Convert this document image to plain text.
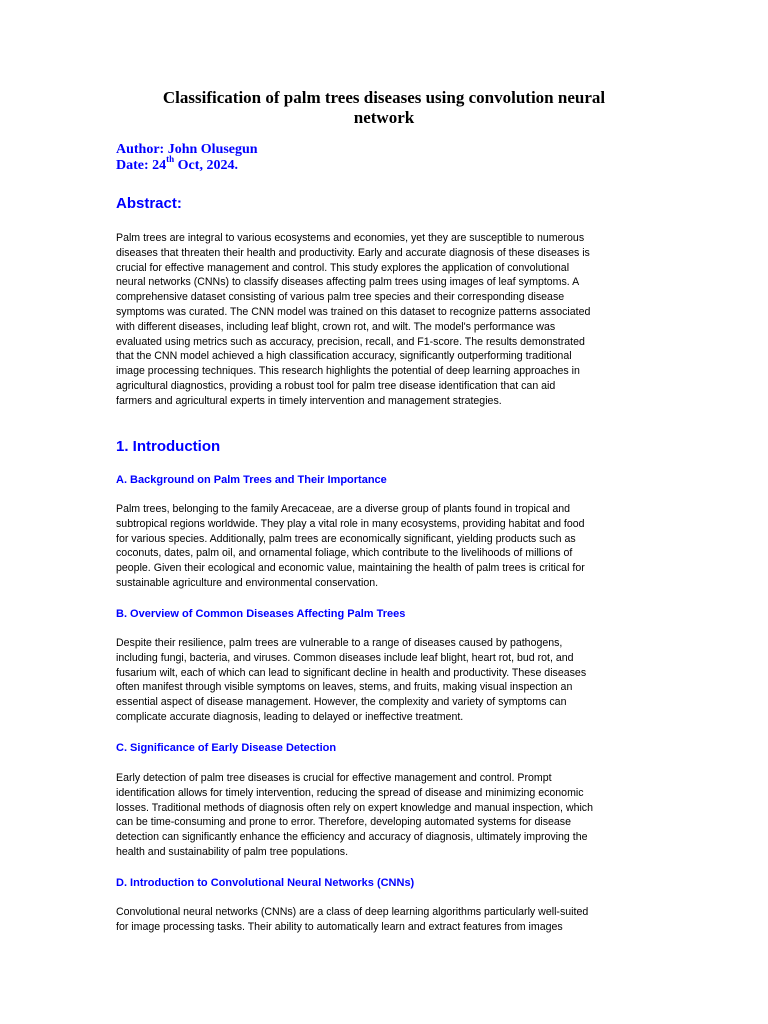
Classification of palm trees diseases using convolution neural
network

Author: John Olusegun

Date: 24th Oct, 2024.

Abstract:
Palm trees are integral to various ecosystems and economies, yet they are susceptible to numerous
diseases that threaten their health and productivity. Early and accurate diagnosis of these diseases is
crucial for effective management and control. This study explores the application of convolutional
neural networks (CNNs) to classify diseases affecting palm trees using images of leaf symptoms. A
comprehensive dataset consisting of various palm tree species and their corresponding disease
symptoms was curated. The CNN model was trained on this dataset to recognize patterns associated
with different diseases, including leaf blight, crown rot, and wilt. The model's performance was
evaluated using metrics such as accuracy, precision, recall, and F1-score. The results demonstrated
that the CNN model achieved a high classification accuracy, significantly outperforming traditional
image processing techniques. This research highlights the potential of deep learning approaches in
agricultural diagnostics, providing a robust tool for palm tree disease identification that can aid
farmers and agricultural experts in timely intervention and management strategies.
1. Introduction
A. Background on Palm Trees and Their Importance
Palm trees, belonging to the family Arecaceae, are a diverse group of plants found in tropical and
subtropical regions worldwide. They play a vital role in many ecosystems, providing habitat and food
for various species. Additionally, palm trees are economically significant, yielding products such as
coconuts, dates, palm oil, and ornamental foliage, which contribute to the livelihoods of millions of
people. Given their ecological and economic value, maintaining the health of palm trees is critical for
sustainable agriculture and environmental conservation.
B. Overview of Common Diseases Affecting Palm Trees
Despite their resilience, palm trees are vulnerable to a range of diseases caused by pathogens,
including fungi, bacteria, and viruses. Common diseases include leaf blight, heart rot, bud rot, and
fusarium wilt, each of which can lead to significant decline in health and productivity. These diseases
often manifest through visible symptoms on leaves, stems, and fruits, making visual inspection an
essential aspect of disease management. However, the complexity and variety of symptoms can
complicate accurate diagnosis, leading to delayed or ineffective treatment.
C. Significance of Early Disease Detection
Early detection of palm tree diseases is crucial for effective management and control. Prompt
identification allows for timely intervention, reducing the spread of disease and minimizing economic
losses. Traditional methods of diagnosis often rely on expert knowledge and manual inspection, which
can be time-consuming and prone to error. Therefore, developing automated systems for disease
detection can significantly enhance the efficiency and accuracy of diagnosis, ultimately improving the
health and sustainability of palm tree populations.
D. Introduction to Convolutional Neural Networks (CNNs)
Convolutional neural networks (CNNs) are a class of deep learning algorithms particularly well-suited
for image processing tasks. Their ability to automatically learn and extract features from images
